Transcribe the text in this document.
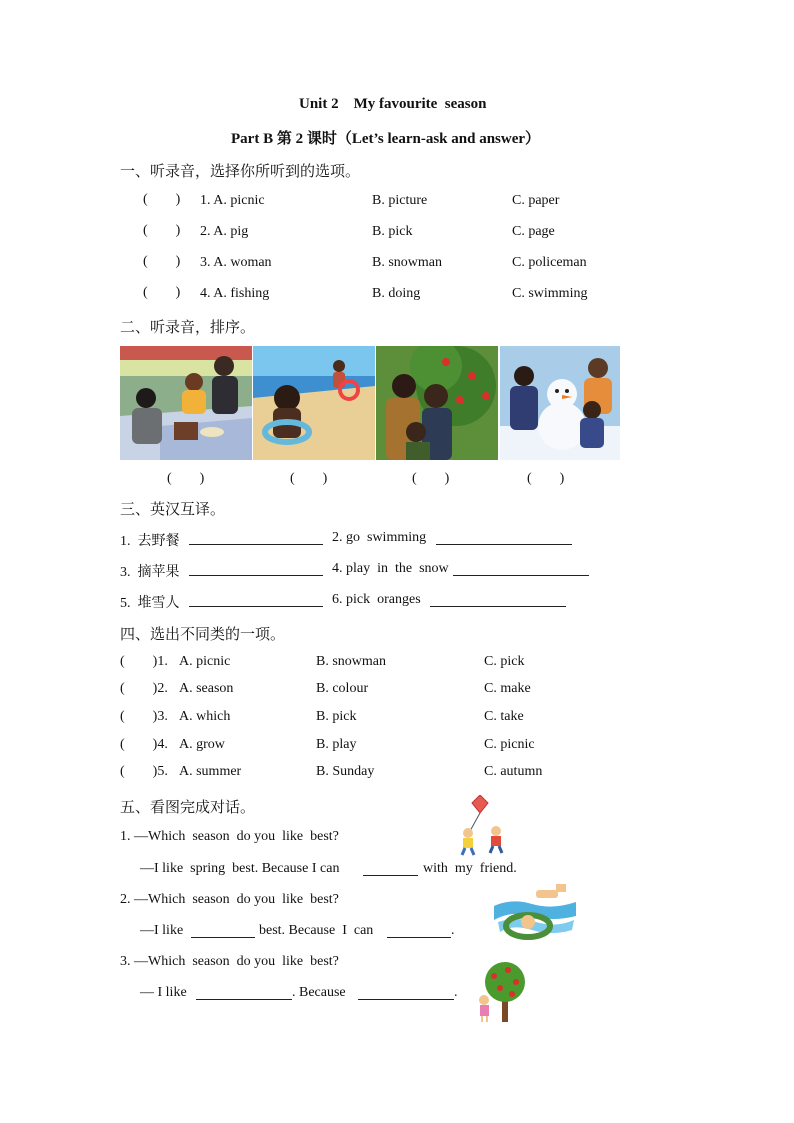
Unit 2    My favourite  season
Part B 第 2 课时（Let’s learn-ask and answer）
一、听录音，选择你所听到的选项。
(        ) 1. A. picnic	B. picture	C. paper
(        ) 2. A. pig	B. pick	C. page
(        ) 3. A. woman	B. snowman	C. policeman
(        ) 4. A. fishing	B. doing	C. swimming
二、听录音，排序。
(        )	(        )	(        )	(        )
三、英汉互译。
1.  去野餐	2. go  swimming
3.  摘苹果	4. play  in  the  snow
5.  堆雪人	6. pick  oranges
四、选出不同类的一项。
(        )1. A. picnic	B. snowman	C. pick
(        )2. A. season	B. colour	C. make
(        )3. A. which	B. pick	C. take
(        )4. A. grow	B. play	C. picnic
(        )5. A. summer	B. Sunday	C. autumn
五、看图完成对话。
1. —Which  season  do you  like  best?
—I like  spring  best. Because I can	with  my  friend.
2. —Which  season  do you  like  best?
—I like	best. Because  I  can	.
3. —Which  season  do you  like  best?
— I like	. Because	.
